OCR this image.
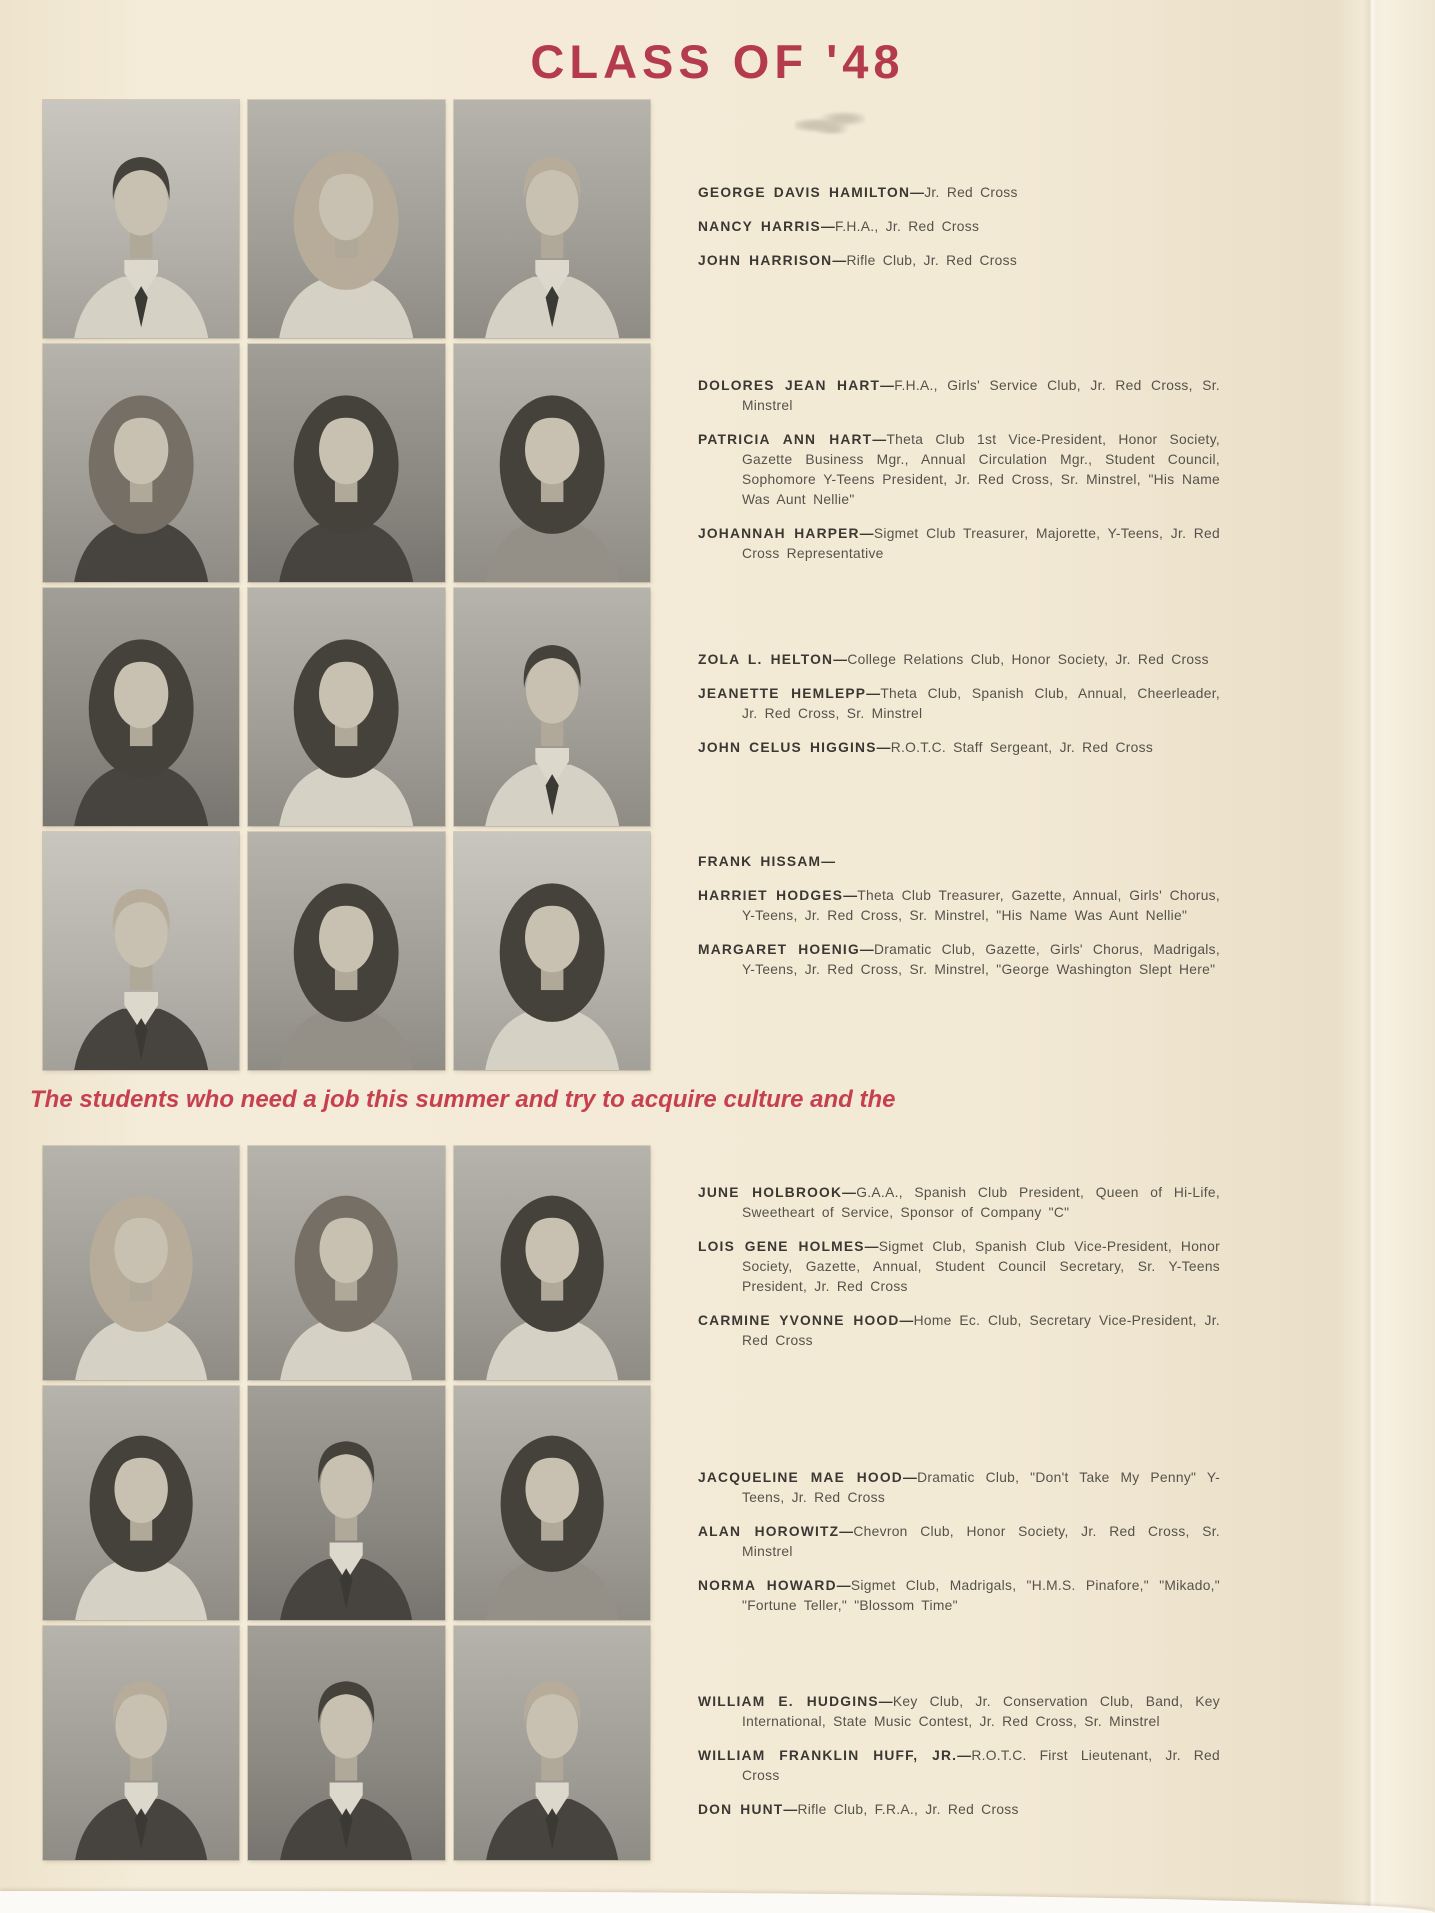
CLASS OF '48

The students who need a job this summer and try to acquire culture and the

GEORGE DAVIS HAMILTON—Jr. Red Cross

NANCY HARRIS—F.H.A., Jr. Red Cross

JOHN HARRISON—Rifle Club, Jr. Red Cross

DOLORES JEAN HART—F.H.A., Girls' Service Club, Jr. Red Cross, Sr. Minstrel

PATRICIA ANN HART—Theta Club 1st Vice-President, Honor Society, Gazette Business Mgr., Annual Circulation Mgr., Student Council, Sophomore Y-Teens President, Jr. Red Cross, Sr. Minstrel, "His Name Was Aunt Nellie"

JOHANNAH HARPER—Sigmet Club Treasurer, Majorette, Y-Teens, Jr. Red Cross Representative

ZOLA L. HELTON—College Relations Club, Honor Society, Jr. Red Cross

JEANETTE HEMLEPP—Theta Club, Spanish Club, Annual, Cheerleader, Jr. Red Cross, Sr. Minstrel

JOHN CELUS HIGGINS—R.O.T.C. Staff Sergeant, Jr. Red Cross

FRANK HISSAM—

HARRIET HODGES—Theta Club Treasurer, Gazette, Annual, Girls' Chorus, Y-Teens, Jr. Red Cross, Sr. Minstrel, "His Name Was Aunt Nellie"

MARGARET HOENIG—Dramatic Club, Gazette, Girls' Chorus, Madrigals, Y-Teens, Jr. Red Cross, Sr. Minstrel, "George Washington Slept Here"

JUNE HOLBROOK—G.A.A., Spanish Club President, Queen of Hi-Life, Sweetheart of Service, Sponsor of Company "C"

LOIS GENE HOLMES—Sigmet Club, Spanish Club Vice-President, Honor Society, Gazette, Annual, Student Council Secretary, Sr. Y-Teens President, Jr. Red Cross

CARMINE YVONNE HOOD—Home Ec. Club, Secretary Vice-President, Jr. Red Cross

JACQUELINE MAE HOOD—Dramatic Club, "Don't Take My Penny" Y-Teens, Jr. Red Cross

ALAN HOROWITZ—Chevron Club, Honor Society, Jr. Red Cross, Sr. Minstrel

NORMA HOWARD—Sigmet Club, Madrigals, "H.M.S. Pinafore," "Mikado," "Fortune Teller," "Blossom Time"

WILLIAM E. HUDGINS—Key Club, Jr. Conservation Club, Band, Key International, State Music Contest, Jr. Red Cross, Sr. Minstrel

WILLIAM FRANKLIN HUFF, JR.—R.O.T.C. First Lieutenant, Jr. Red Cross

DON HUNT—Rifle Club, F.R.A., Jr. Red Cross
